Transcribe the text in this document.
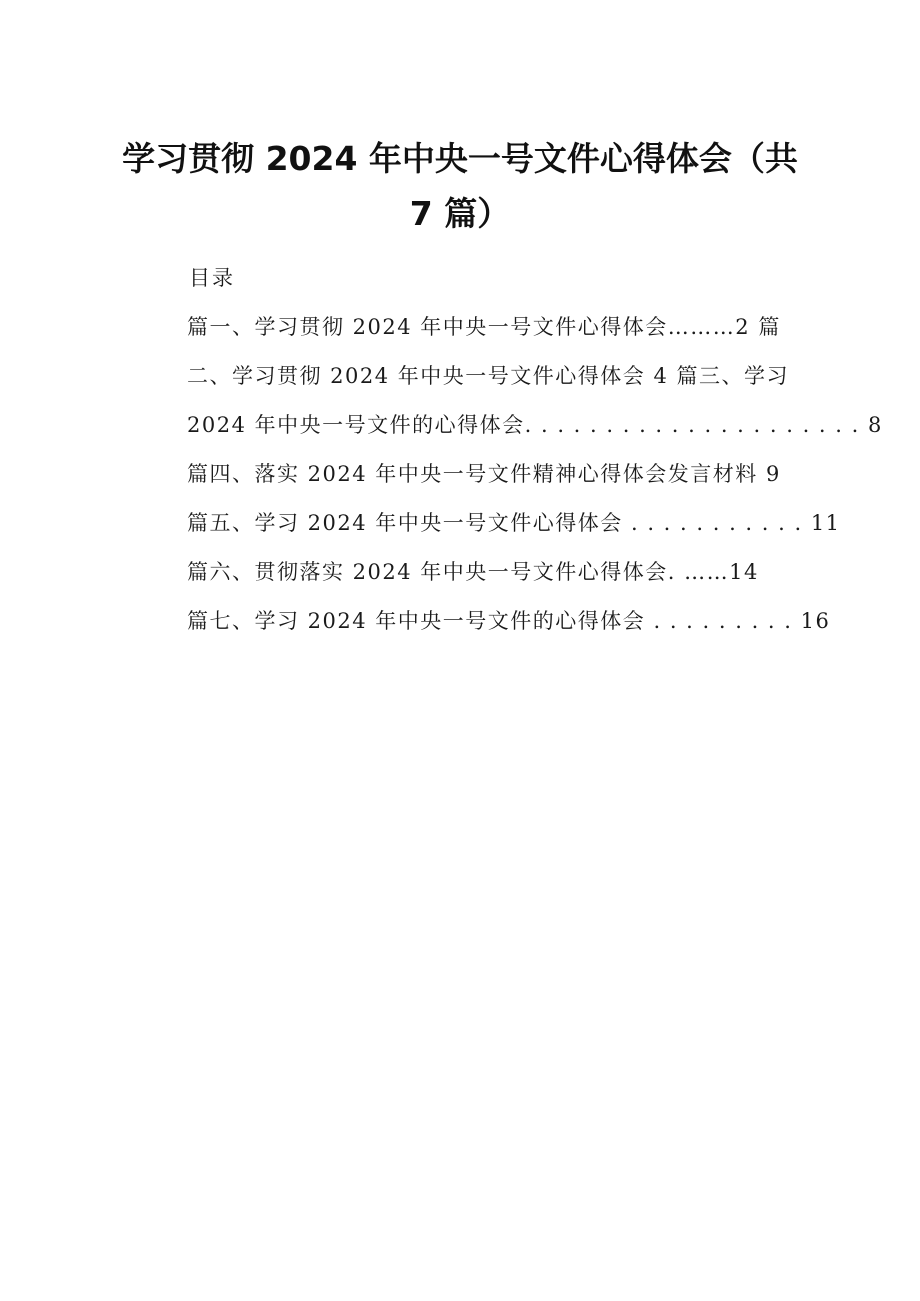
学习贯彻 2024 年中央一号文件心得体会（共
7 篇）
目录
篇一、学习贯彻 2024 年中央一号文件心得体会………2 篇
二、学习贯彻 2024 年中央一号文件心得体会 4 篇三、学习
2024 年中央一号文件的心得体会. . . . . . . . . . . . . . . . . . . . . 8
篇四、落实 2024 年中央一号文件精神心得体会发言材料 9
篇五、学习 2024 年中央一号文件心得体会 . . . . . . . . . . . 11
篇六、贯彻落实 2024 年中央一号文件心得体会. ……14
篇七、学习 2024 年中央一号文件的心得体会 . . . . . . . . . 16
